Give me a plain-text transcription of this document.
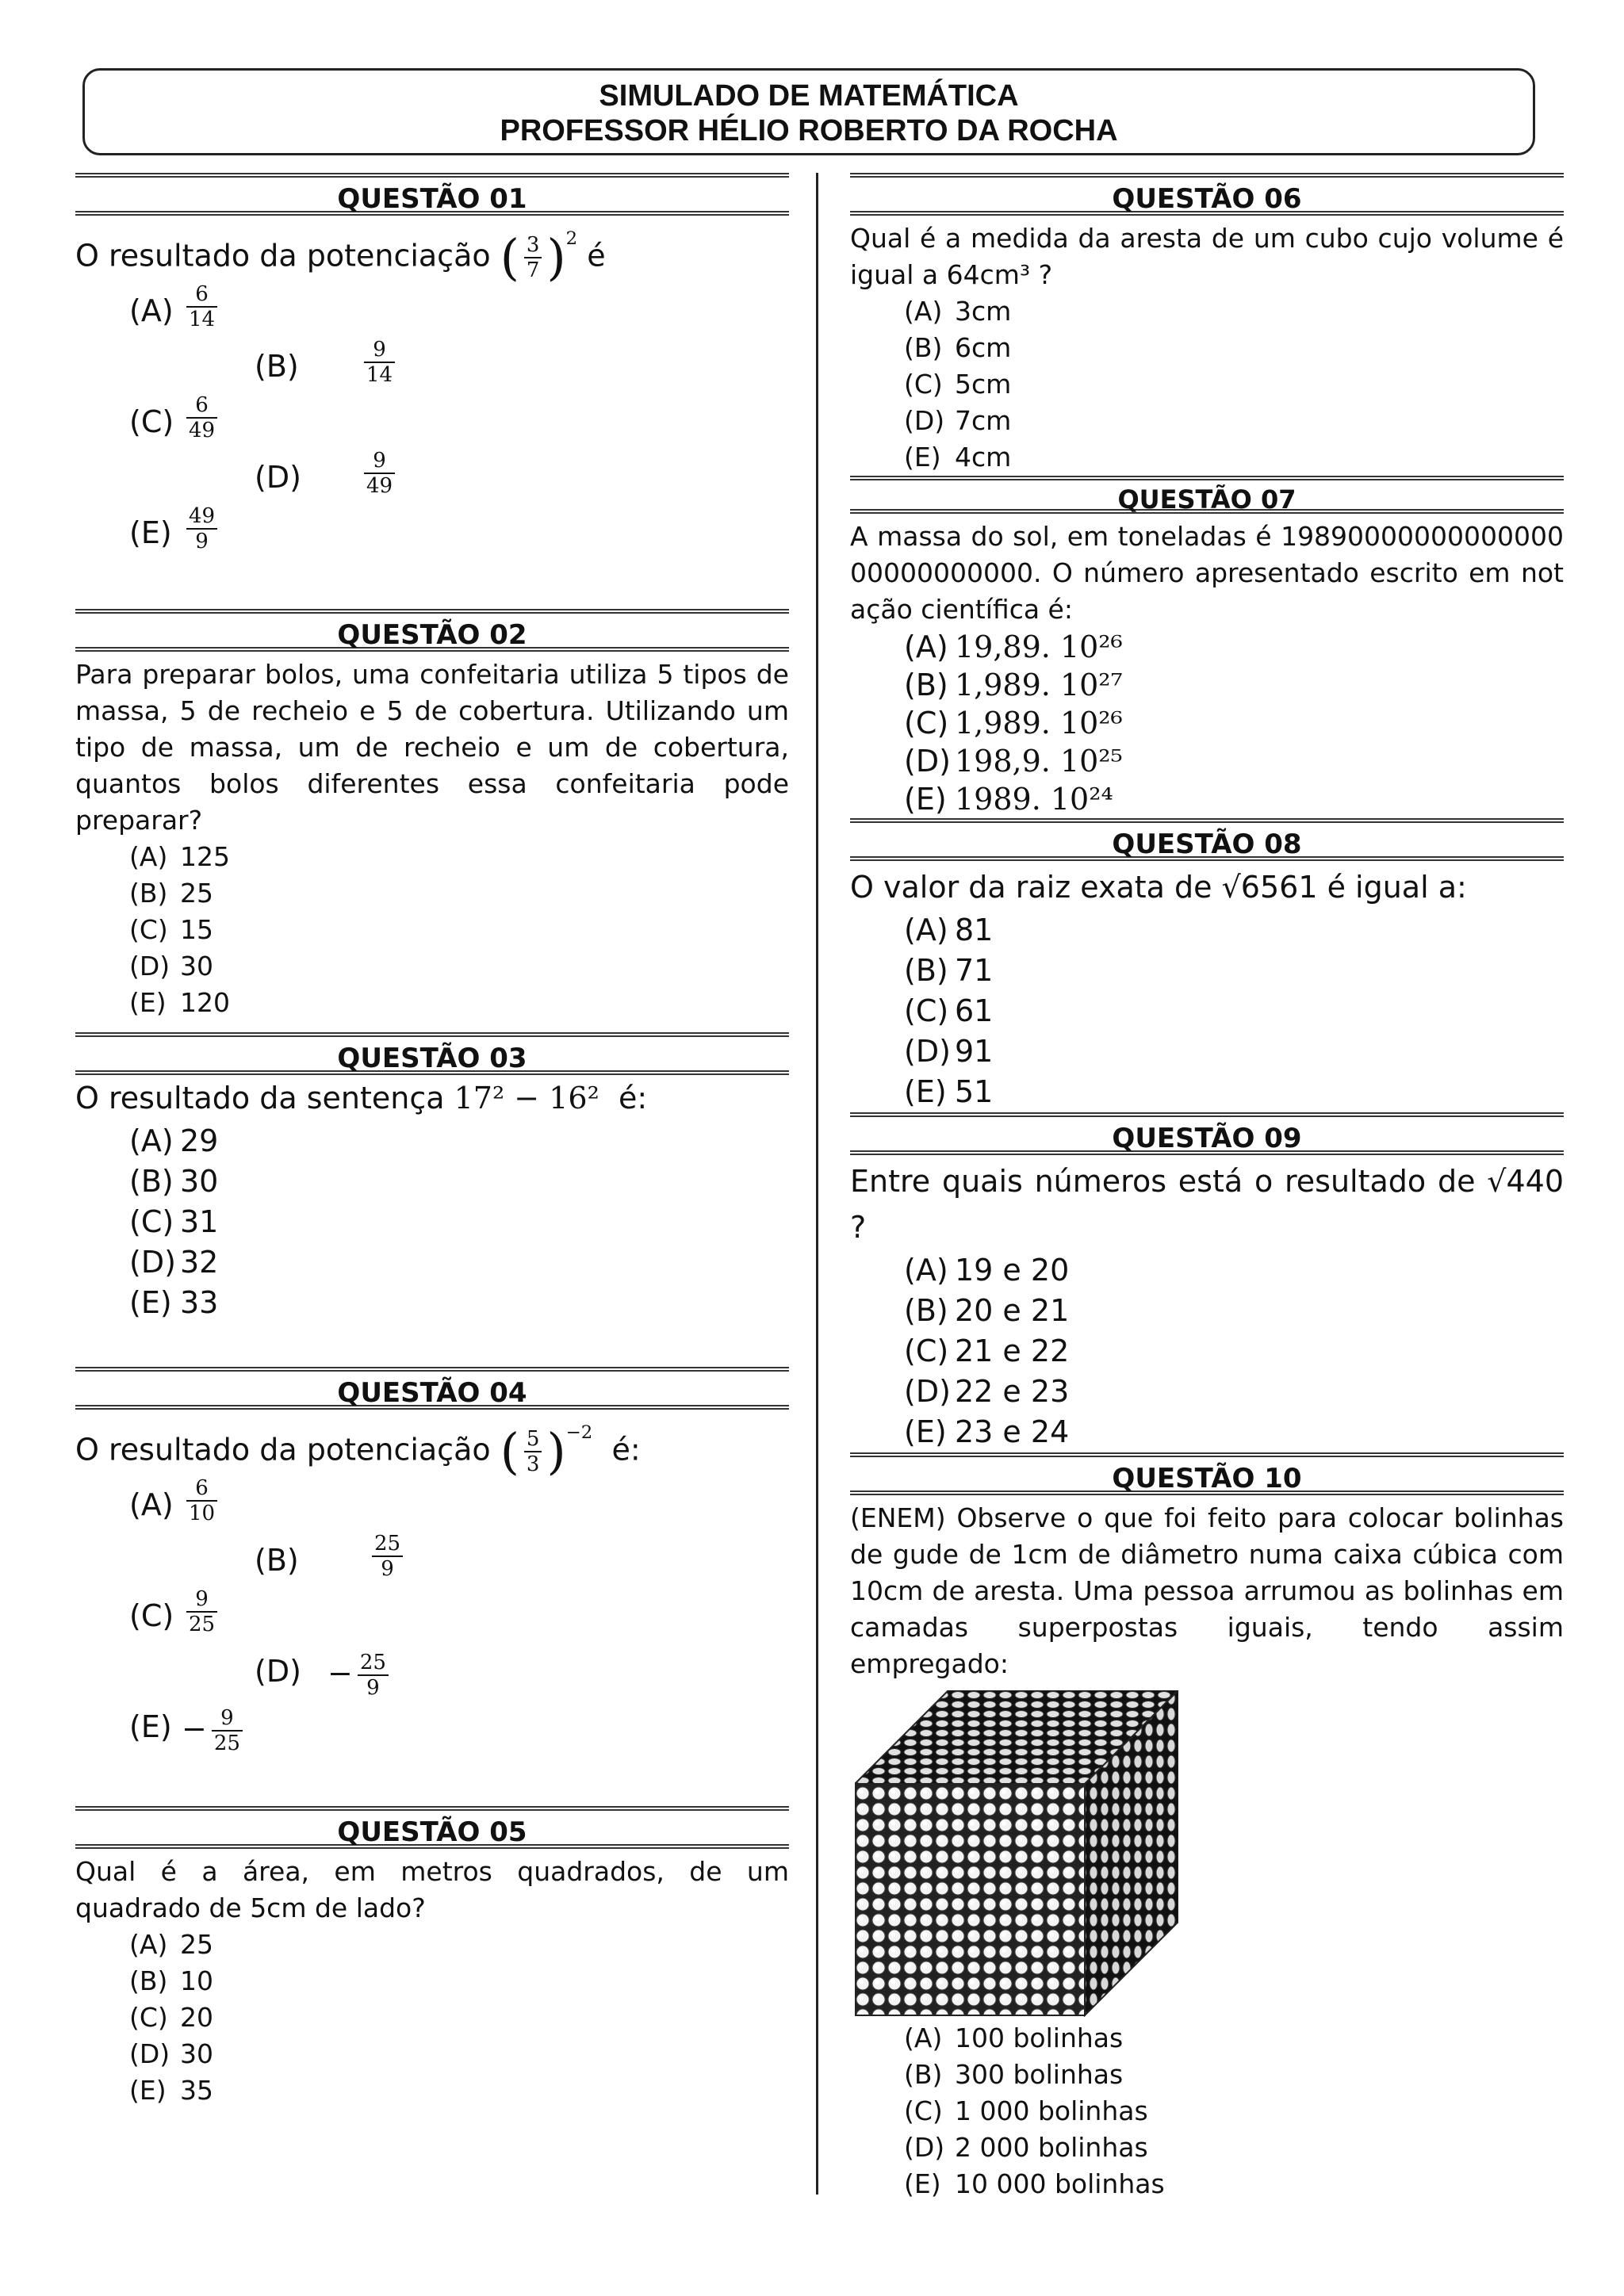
SIMULADO DE MATEMÁTICA
PROFESSOR HÉLIO ROBERTO DA ROCHA
QUESTÃO 01
O resultado da potenciação ( $\frac{3}{7} )^2$ é
$(A) \frac{6}{14}$
(B)	$\frac{9}{14}$
$(C) \frac{6}{49}$
(D)	$\frac{9}{49}$
$(E) \frac{49}{9}$
QUESTÃO 02
Para preparar bolos, uma confeitaria utiliza 5 tipos de massa, 5 de recheio e 5 de cobertura. Utilizando um tipo de massa, um de recheio e um de cobertura, quantos bolos diferentes essa confeitaria pode preparar?
(A) 125
(B) 25
(C) 15
(D) 30
(E) 120
QUESTÃO 03
O resultado da sentença 17² − 16² é:
(A) 29
(B) 30
(C) 31
(D) 32
(E) 33
QUESTÃO 04
O resultado da potenciação ( $\frac{5}{3} )^{-2}$ é:
$(A) \frac{6}{10}$
(B)	$\frac{25}{9}$
$(C) \frac{9}{25}$
$(D) - \frac{25}{9}$
$(E) - \frac{9}{25}$
QUESTÃO 05
Qual é a área, em metros quadrados, de um quadrado de 5cm de lado?
(A) 25
(B) 10
(C) 20
(D) 30
(E) 35
QUESTÃO 06
Qual é a medida da aresta de um cubo cujo volume é igual a 64cm³ ?
(A) 3cm
(B) 6cm
(C) 5cm
(D) 7cm
(E) 4cm
QUESTÃO 07
A massa do sol, em toneladas é 1989000000000000000000000000. O número apresentado escrito em notação científica é:
(A) 19,89. 10²⁶
(B) 1,989. 10²⁷
(C) 1,989. 10²⁶
(D) 198,9. 10²⁵
(E) 1989. 10²⁴
QUESTÃO 08
O valor da raiz exata de √6561 é igual a:
(A) 81
(B) 71
(C) 61
(D) 91
(E) 51
QUESTÃO 09
Entre quais números está o resultado de √440 ?
(A) 19 e 20
(B) 20 e 21
(C) 21 e 22
(D) 22 e 23
(E) 23 e 24
QUESTÃO 10
(ENEM) Observe o que foi feito para colocar bolinhas de gude de 1cm de diâmetro numa caixa cúbica com 10cm de aresta. Uma pessoa arrumou as bolinhas em camadas superpostas iguais, tendo assim empregado:
(A) 100 bolinhas
(B) 300 bolinhas
(C) 1 000 bolinhas
(D) 2 000 bolinhas
(E) 10 000 bolinhas
